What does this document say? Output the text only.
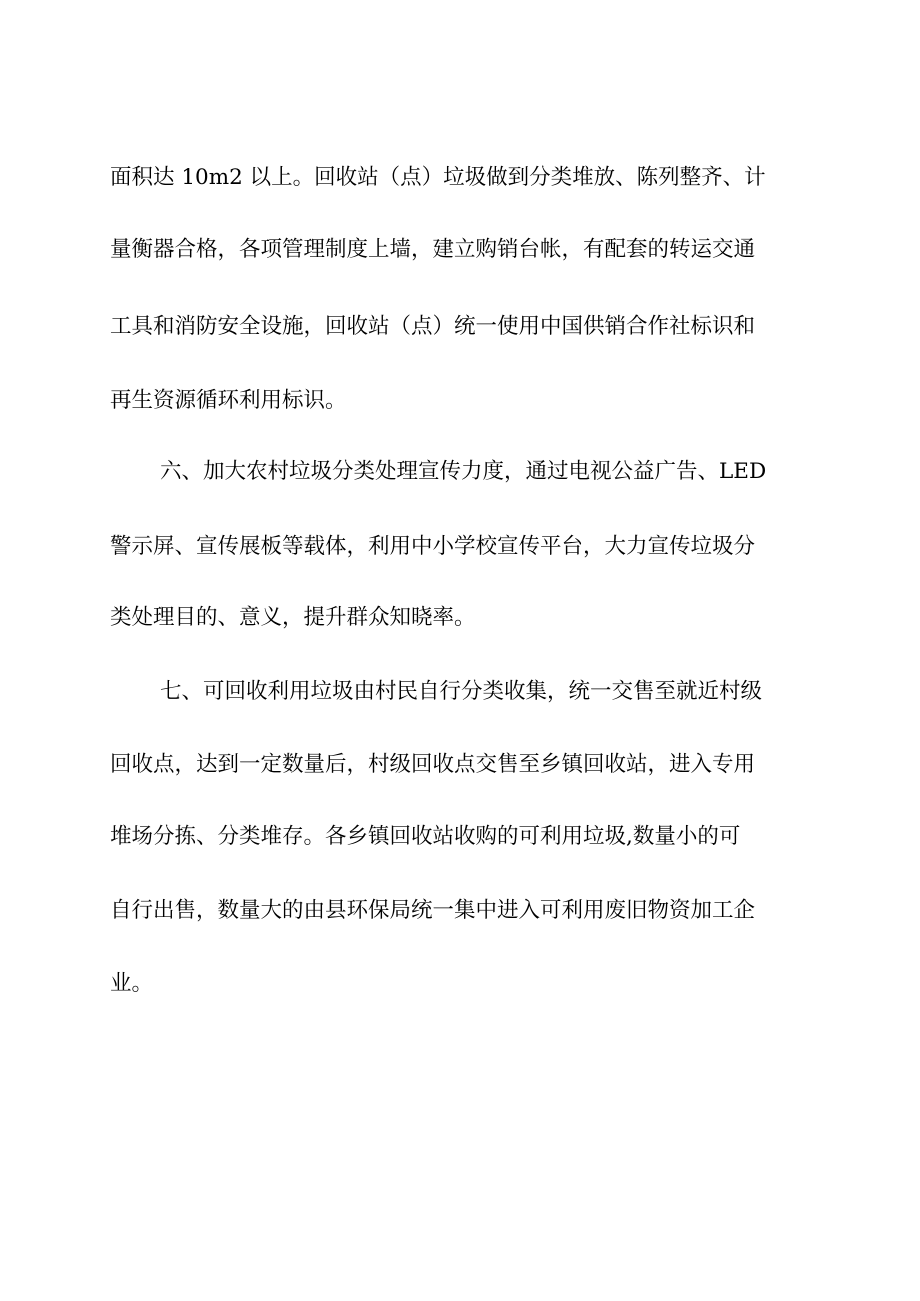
面积达 10m2 以上。回收站（点）垃圾做到分类堆放、陈列整齐、计
量衡器合格，各项管理制度上墙，建立购销台帐，有配套的转运交通
工具和消防安全设施，回收站（点）统一使用中国供销合作社标识和
再生资源循环利用标识。
六、加大农村垃圾分类处理宣传力度，通过电视公益广告、LED
警示屏、宣传展板等载体，利用中小学校宣传平台，大力宣传垃圾分
类处理目的、意义，提升群众知晓率。
七、可回收利用垃圾由村民自行分类收集，统一交售至就近村级
回收点，达到一定数量后，村级回收点交售至乡镇回收站，进入专用
堆场分拣、分类堆存。各乡镇回收站收购的可利用垃圾,数量小的可
自行出售，数量大的由县环保局统一集中进入可利用废旧物资加工企
业。
